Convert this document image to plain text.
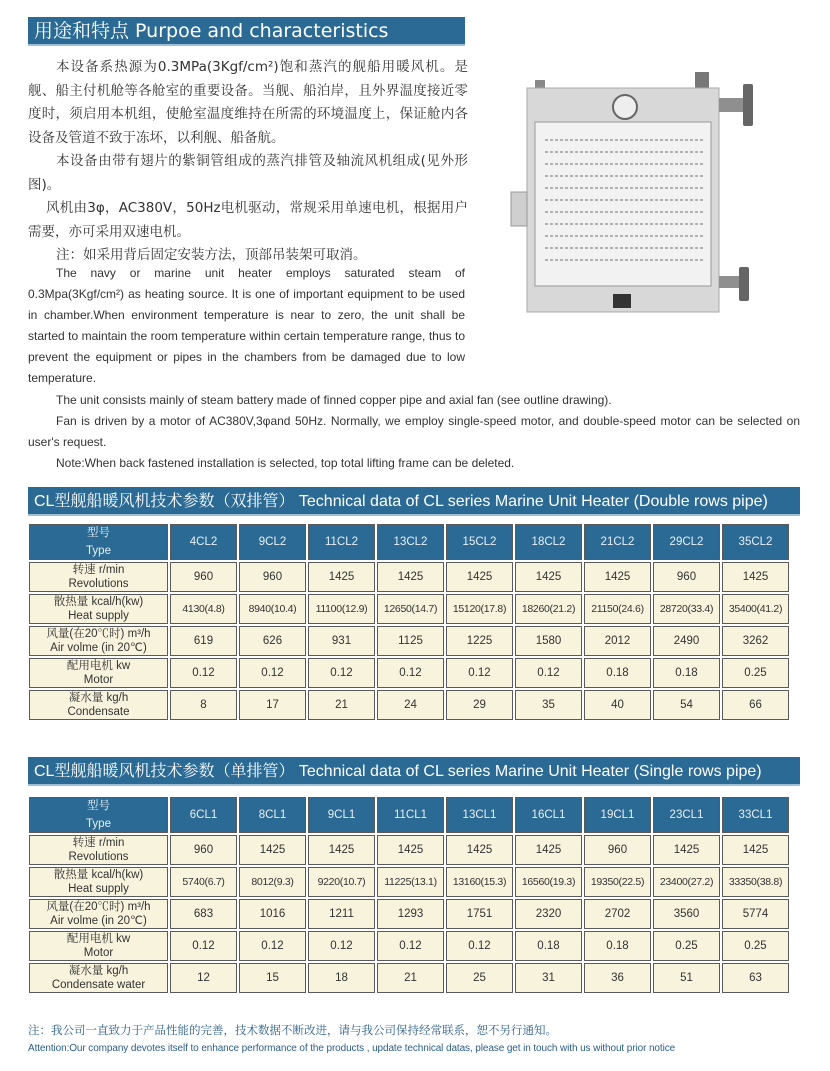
用途和特点 Purpoe and characteristics

本设备系热源为0.3MPa(3Kgf/cm²)饱和蒸汽的舰船用暖风机。是舰、船主付机舱等各舱室的重要设备。当舰、船泊岸，且外界温度接近零度时，须启用本机组，使舱室温度维持在所需的环境温度上，保证舱内各设备及管道不致于冻坏，以利舰、船备航。

本设备由带有翅片的紫铜管组成的蒸汽排管及轴流风机组成(见外形图)。

风机由3φ，AC380V，50Hz电机驱动，常规采用单速电机，根据用户需要，亦可采用双速电机。

注：如采用背后固定安装方法，顶部吊装架可取消。

The navy or marine unit heater employs saturated steam of 0.3Mpa(3Kgf/cm²) as heating source. It is one of important equipment to be used in chamber.When environment temperature is near to zero, the unit shall be started to maintain the room temperature within certain temperature range, thus to prevent the equipment or pipes in the chambers from be damaged due to low temperature.

The unit consists mainly of steam battery made of finned copper pipe and axial fan (see outline drawing).

Fan is driven by a motor of AC380V,3φand 50Hz. Normally, we employ single-speed motor, and double-speed motor can be selected on user's request.

Note:When back fastened installation is selected, top total lifting frame can be deleted.

CL型舰船暖风机技术参数（双排管） Technical data of CL series Marine Unit Heater (Double rows pipe)
型号
Type	4CL2	9CL2	11CL2	13CL2	15CL2	18CL2	21CL2	29CL2	35CL2

转速 r/min
Revolutions	960	960	1425	1425	1425	1425	1425	960	1425

散热量 kcal/h(kw)
Heat supply	4130(4.8)	8940(10.4)	11100(12.9)	12650(14.7)	15120(17.8)	18260(21.2)	21150(24.6)	28720(33.4)	35400(41.2)

风量(在20℃时) m³/h
Air volme (in 20℃)	619	626	931	1125	1225	1580	2012	2490	3262

配用电机 kw
Motor	0.12	0.12	0.12	0.12	0.12	0.12	0.18	0.18	0.25

凝水量 kg/h
Condensate	8	17	21	24	29	35	40	54	66
CL型舰船暖风机技术参数（单排管） Technical data of CL series Marine Unit Heater (Single rows pipe)
型号
Type	6CL1	8CL1	9CL1	11CL1	13CL1	16CL1	19CL1	23CL1	33CL1

转速 r/min
Revolutions	960	1425	1425	1425	1425	1425	960	1425	1425

散热量 kcal/h(kw)
Heat supply	5740(6.7)	8012(9.3)	9220(10.7)	11225(13.1)	13160(15.3)	16560(19.3)	19350(22.5)	23400(27.2)	33350(38.8)

风量(在20℃时) m³/h
Air volme (in 20℃)	683	1016	1211	1293	1751	2320	2702	3560	5774

配用电机 kw
Motor	0.12	0.12	0.12	0.12	0.12	0.18	0.18	0.25	0.25

凝水量 kg/h
Condensate water	12	15	18	21	25	31	36	51	63
注：我公司一直致力于产品性能的完善，技术数据不断改进，请与我公司保持经常联系，恕不另行通知。
Attention:Our company devotes itself to enhance performance of the products , update technical datas, please get in touch with us without prior notice
